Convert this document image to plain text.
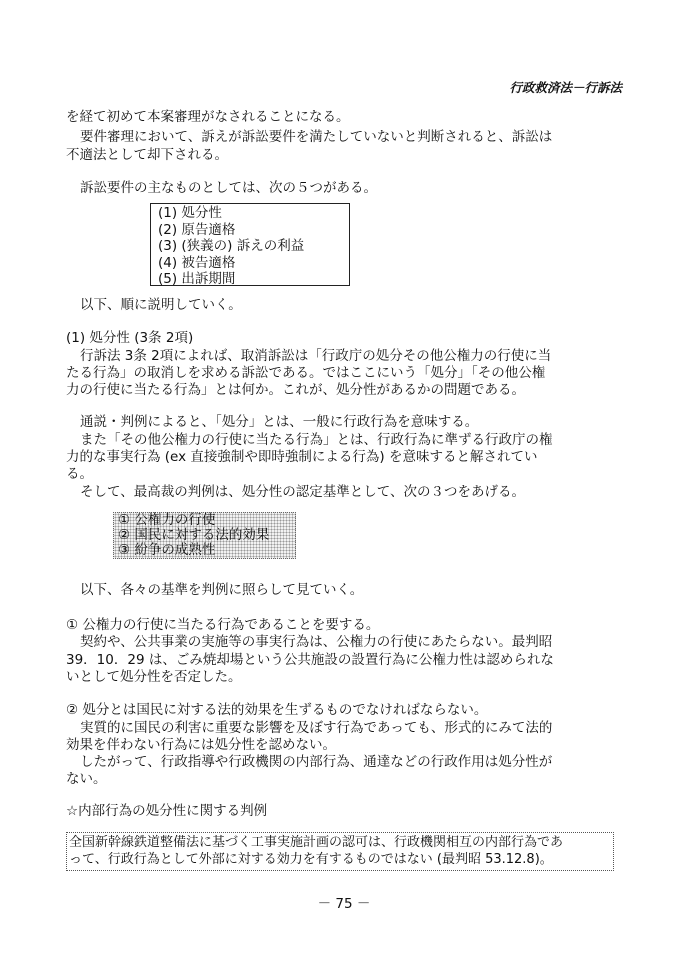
行政救済法－行訴法
を経て初めて本案審理がなされることになる。
要件審理において、訴えが訴訟要件を満たしていないと判断されると、訴訟は
不適法として却下される。
訴訟要件の主なものとしては、次の５つがある。
(1) 処分性
(2) 原告適格
(3) (狭義の) 訴えの利益
(4) 被告適格
(5) 出訴期間
以下、順に説明していく。
(1) 処分性 (3条 2項)
行訴法 3条 2項によれば、取消訴訟は「行政庁の処分その他公権力の行使に当
たる行為」の取消しを求める訴訟である。ではここにいう「処分」「その他公権
力の行使に当たる行為」とは何か。これが、処分性があるかの問題である。
通説・判例によると、「処分」とは、一般に行政行為を意味する。
また「その他公権力の行使に当たる行為」とは、行政行為に準ずる行政庁の権
力的な事実行為 (ex 直接強制や即時強制による行為) を意味すると解されてい
る。
そして、最高裁の判例は、処分性の認定基準として、次の３つをあげる。
① 公権力の行使
② 国民に対する法的効果
③ 紛争の成熟性
以下、各々の基準を判例に照らして見ていく。
① 公権力の行使に当たる行為であることを要する。
契約や、公共事業の実施等の事実行為は、公権力の行使にあたらない。最判昭
39．10．29 は、ごみ焼却場という公共施設の設置行為に公権力性は認められな
いとして処分性を否定した。
② 処分とは国民に対する法的効果を生ずるものでなければならない。
実質的に国民の利害に重要な影響を及ぼす行為であっても、形式的にみて法的
効果を伴わない行為には処分性を認めない。
したがって、行政指導や行政機関の内部行為、通達などの行政作用は処分性が
ない。
☆内部行為の処分性に関する判例
全国新幹線鉄道整備法に基づく工事実施計画の認可は、行政機関相互の内部行為であ
って、行政行為として外部に対する効力を有するものではない (最判昭 53.12.8)。
－ 75 －
